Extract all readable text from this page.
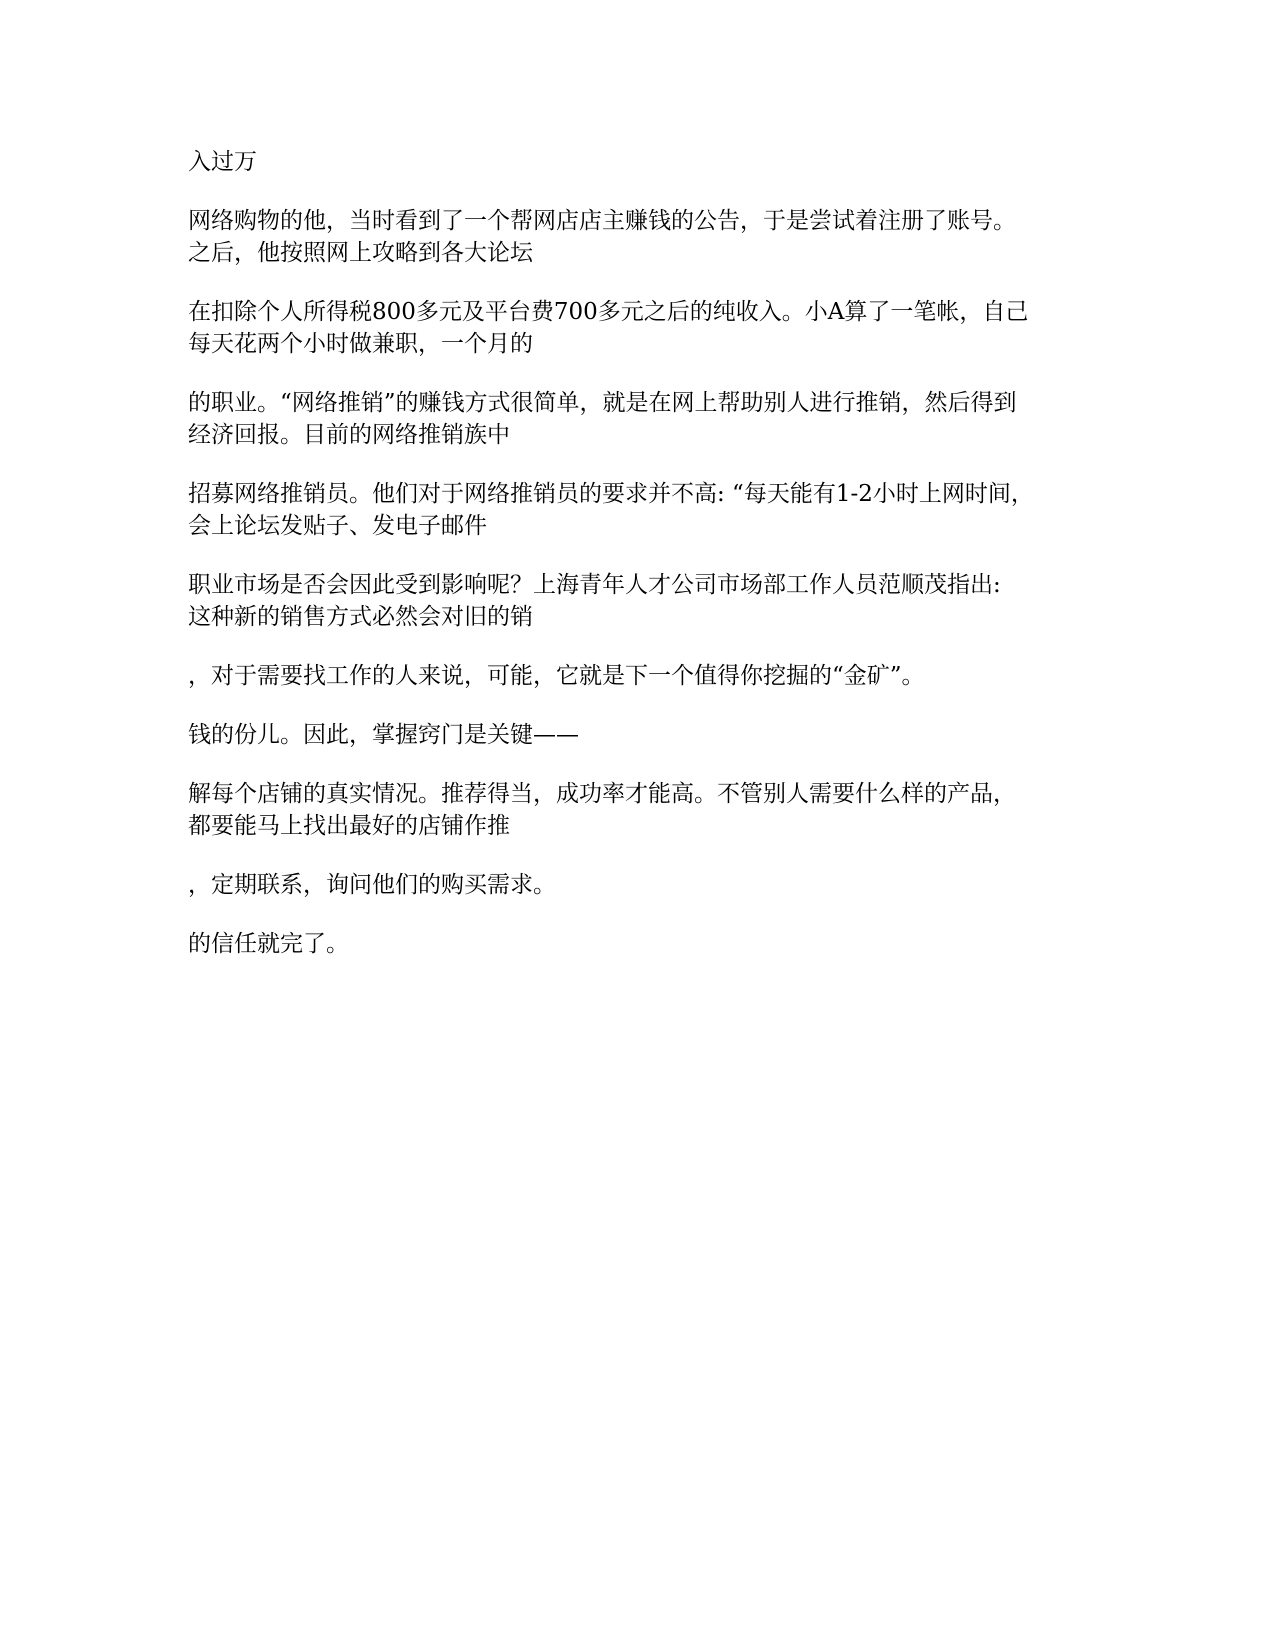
入过万

网络购物的他，当时看到了一个帮网店店主赚钱的公告，于是尝试着注册了账号。
之后，他按照网上攻略到各大论坛

在扣除个人所得税800多元及平台费700多元之后的纯收入。小A算了一笔帐，自己
每天花两个小时做兼职，一个月的

的职业。“网络推销”的赚钱方式很简单，就是在网上帮助别人进行推销，然后得到
经济回报。目前的网络推销族中

招募网络推销员。他们对于网络推销员的要求并不高: “每天能有1-2小时上网时间，
会上论坛发贴子、发电子邮件

职业市场是否会因此受到影响呢？上海青年人才公司市场部工作人员范顺茂指出:
这种新的销售方式必然会对旧的销

，对于需要找工作的人来说，可能，它就是下一个值得你挖掘的“金矿”。

钱的份儿。因此，掌握窍门是关键——

解每个店铺的真实情况。推荐得当，成功率才能高。不管别人需要什么样的产品，
都要能马上找出最好的店铺作推

，定期联系，询问他们的购买需求。

的信任就完了。
